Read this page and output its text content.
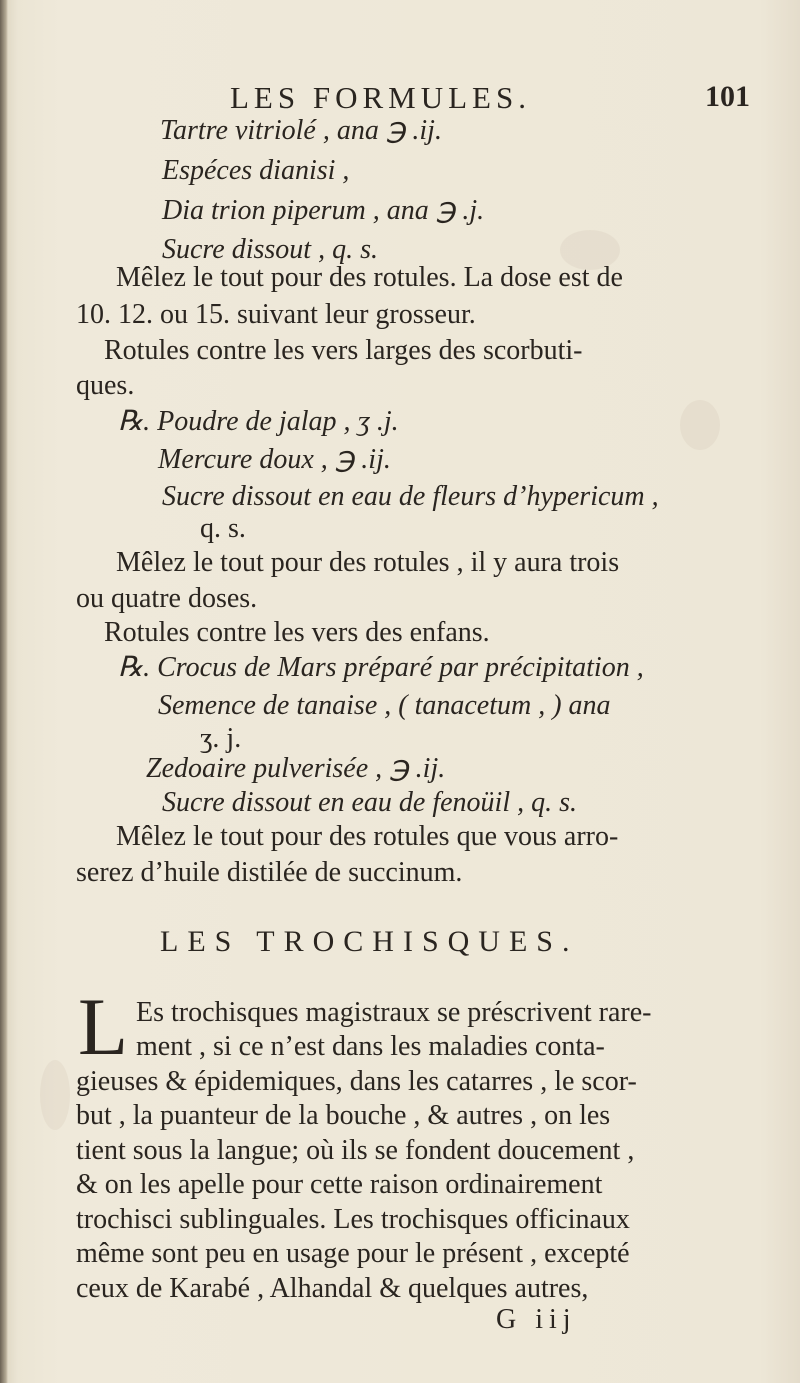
LES FORMULES.	101
Tartre vitriolé , ana ℈ .ij.
Espéces dianisi ,
Dia trion piperum , ana ℈ .j.
Sucre dissout , q. s.
Mêlez le tout pour des rotules. La dose est de
10. 12. ou 15. suivant leur grosseur.
Rotules contre les vers larges des scorbuti-
ques.
℞. Poudre de jalap , ʒ .j.
Mercure doux , ℈ .ij.
Sucre dissout en eau de fleurs d’hypericum ,
q. s.
Mêlez le tout pour des rotules , il y aura trois
ou quatre doses.
Rotules contre les vers des enfans.
℞. Crocus de Mars préparé par précipitation ,
Semence de tanaise , ( tanacetum , ) ana
ʒ. j.
Zedoaire pulverisée , ℈ .ij.
Sucre dissout en eau de fenoüil , q. s.
Mêlez le tout pour des rotules que vous arro-
serez d’huile distilée de succinum.
LES TROCHISQUES.
L Es trochisques magistraux se préscrivent rare-
ment , si ce n’est dans les maladies conta-
gieuses & épidemiques, dans les catarres , le scor-
but , la puanteur de la bouche , & autres , on les
tient sous la langue; où ils se fondent doucement ,
& on les apelle pour cette raison ordinairement
trochisci sublinguales. Les trochisques officinaux
même sont peu en usage pour le présent , excepté
ceux de Karabé , Alhandal & quelques autres,
G iij
